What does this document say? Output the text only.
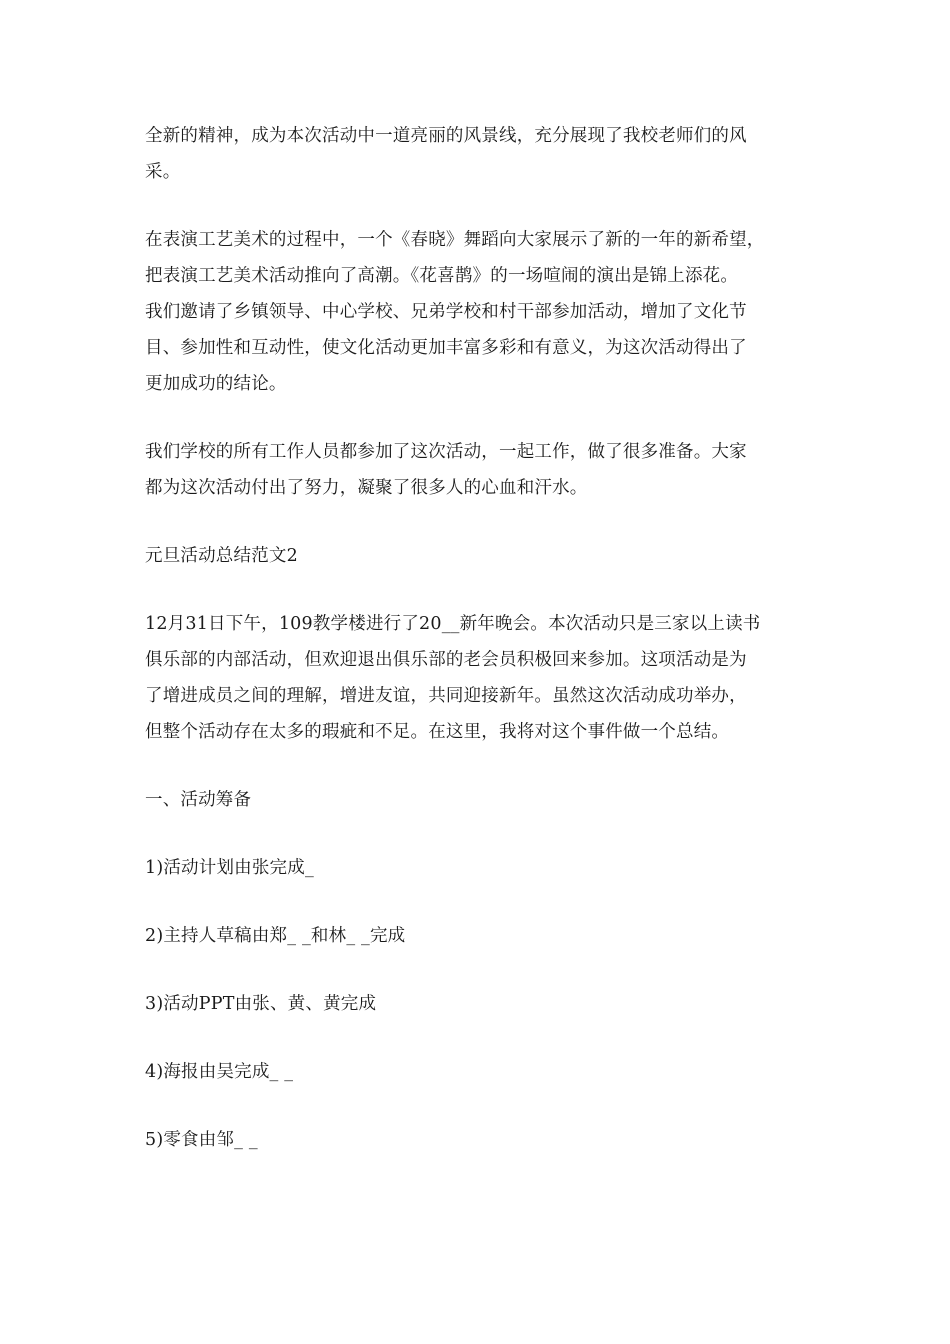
全新的精神，成为本次活动中一道亮丽的风景线，充分展现了我校老师们的风
采。

在表演工艺美术的过程中，一个《春晓》舞蹈向大家展示了新的一年的新希望，
把表演工艺美术活动推向了高潮。《花喜鹊》的一场喧闹的演出是锦上添花。
我们邀请了乡镇领导、中心学校、兄弟学校和村干部参加活动，增加了文化节
目、参加性和互动性，使文化活动更加丰富多彩和有意义，为这次活动得出了
更加成功的结论。

我们学校的所有工作人员都参加了这次活动，一起工作，做了很多准备。大家
都为这次活动付出了努力，凝聚了很多人的心血和汗水。

元旦活动总结范文2

12月31日下午，109教学楼进行了20__新年晚会。本次活动只是三家以上读书
俱乐部的内部活动，但欢迎退出俱乐部的老会员积极回来参加。这项活动是为
了增进成员之间的理解，增进友谊，共同迎接新年。虽然这次活动成功举办，
但整个活动存在太多的瑕疵和不足。在这里，我将对这个事件做一个总结。

一、活动筹备

1)活动计划由张完成_

2)主持人草稿由郑_ _和林_ _完成

3)活动PPT由张、黄、黄完成

4)海报由吴完成_ _

5)零食由邹_ _
